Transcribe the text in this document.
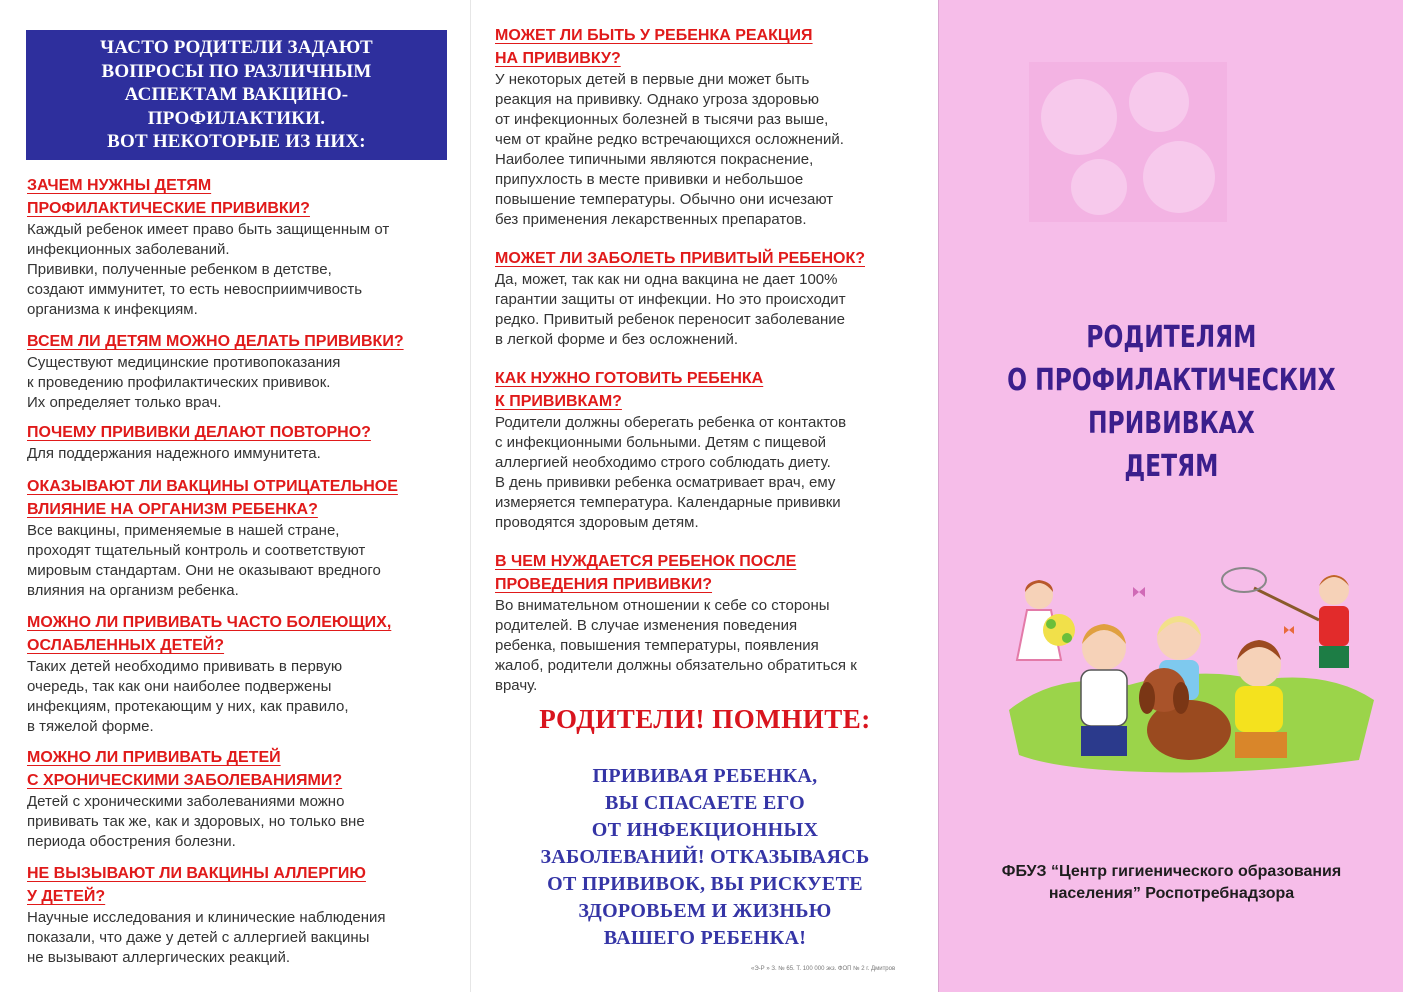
ЧАСТО РОДИТЕЛИ ЗАДАЮТ
ВОПРОСЫ ПО РАЗЛИЧНЫМ
АСПЕКТАМ ВАКЦИНО-
ПРОФИЛАКТИКИ.
ВОТ НЕКОТОРЫЕ ИЗ НИХ:
ЗАЧЕМ НУЖНЫ ДЕТЯМ
ПРОФИЛАКТИЧЕСКИЕ ПРИВИВКИ?
Каждый ребенок имеет право быть защищенным от
инфекционных заболеваний.
Прививки, полученные ребенком в детстве,
создают иммунитет, то есть невосприимчивость
организма к инфекциям.
ВСЕМ ЛИ ДЕТЯМ МОЖНО ДЕЛАТЬ ПРИВИВКИ?
Существуют медицинские противопоказания
к проведению профилактических прививок.
Их определяет только врач.
ПОЧЕМУ ПРИВИВКИ ДЕЛАЮТ ПОВТОРНО?
Для поддержания надежного иммунитета.
ОКАЗЫВАЮТ ЛИ ВАКЦИНЫ ОТРИЦАТЕЛЬНОЕ
ВЛИЯНИЕ НА ОРГАНИЗМ РЕБЕНКА?
Все вакцины, применяемые в нашей стране,
проходят тщательный контроль и соответствуют
мировым стандартам. Они не оказывают вредного
влияния на организм ребенка.
МОЖНО ЛИ ПРИВИВАТЬ ЧАСТО БОЛЕЮЩИХ,
ОСЛАБЛЕННЫХ ДЕТЕЙ?
Таких детей необходимо прививать в первую
очередь, так как они наиболее подвержены
инфекциям, протекающим у них, как правило,
в тяжелой форме.
МОЖНО ЛИ ПРИВИВАТЬ ДЕТЕЙ
С ХРОНИЧЕСКИМИ ЗАБОЛЕВАНИЯМИ?
Детей с хроническими заболеваниями можно
прививать так же, как и здоровых, но только вне
периода обострения болезни.
НЕ ВЫЗЫВАЮТ ЛИ ВАКЦИНЫ АЛЛЕРГИЮ
У ДЕТЕЙ?
Научные исследования и клинические наблюдения
показали, что даже у детей с аллергией вакцины
не вызывают аллергических реакций.
МОЖЕТ ЛИ БЫТЬ У РЕБЕНКА РЕАКЦИЯ
НА ПРИВИВКУ?
У некоторых детей в первые дни может быть
реакция на прививку. Однако угроза здоровью
от инфекционных болезней в тысячи раз выше,
чем от крайне редко встречающихся осложнений.
Наиболее типичными являются покраснение,
припухлость в месте прививки и небольшое
повышение температуры. Обычно они исчезают
без применения лекарственных препаратов.
МОЖЕТ ЛИ ЗАБОЛЕТЬ ПРИВИТЫЙ РЕБЕНОК?
Да, может, так как ни одна вакцина не дает 100%
гарантии защиты от инфекции. Но это происходит
редко. Привитый ребенок переносит заболевание
в легкой форме и без осложнений.
КАК НУЖНО ГОТОВИТЬ РЕБЕНКА
К ПРИВИВКАМ?
Родители должны оберегать ребенка от контактов
с инфекционными больными. Детям с пищевой
аллергией необходимо строго соблюдать диету.
В день прививки ребенка осматривает врач, ему
измеряется температура. Календарные прививки
проводятся здоровым детям.
В ЧЕМ НУЖДАЕТСЯ РЕБЕНОК ПОСЛЕ
ПРОВЕДЕНИЯ ПРИВИВКИ?
Во внимательном отношении к себе со стороны
родителей. В случае изменения поведения
ребенка, повышения температуры, появления
жалоб, родители должны обязательно обратиться к
врачу.
РОДИТЕЛИ! ПОМНИТЕ:
ПРИВИВАЯ РЕБЕНКА,
ВЫ СПАСАЕТЕ ЕГО
ОТ ИНФЕКЦИОННЫХ
ЗАБОЛЕВАНИЙ! ОТКАЗЫВАЯСЬ
ОТ ПРИВИВОК, ВЫ РИСКУЕТЕ
ЗДОРОВЬЕМ И ЖИЗНЬЮ
ВАШЕГО РЕБЕНКА!
«Э-Р » З. № 65. Т. 100 000 экз. ФОП № 2 г. Дмитров
РОДИТЕЛЯМ
О ПРОФИЛАКТИЧЕСКИХ
ПРИВИВКАХ
ДЕТЯМ
ФБУЗ “Центр гигиенического образования
населения” Роспотребнадзора
